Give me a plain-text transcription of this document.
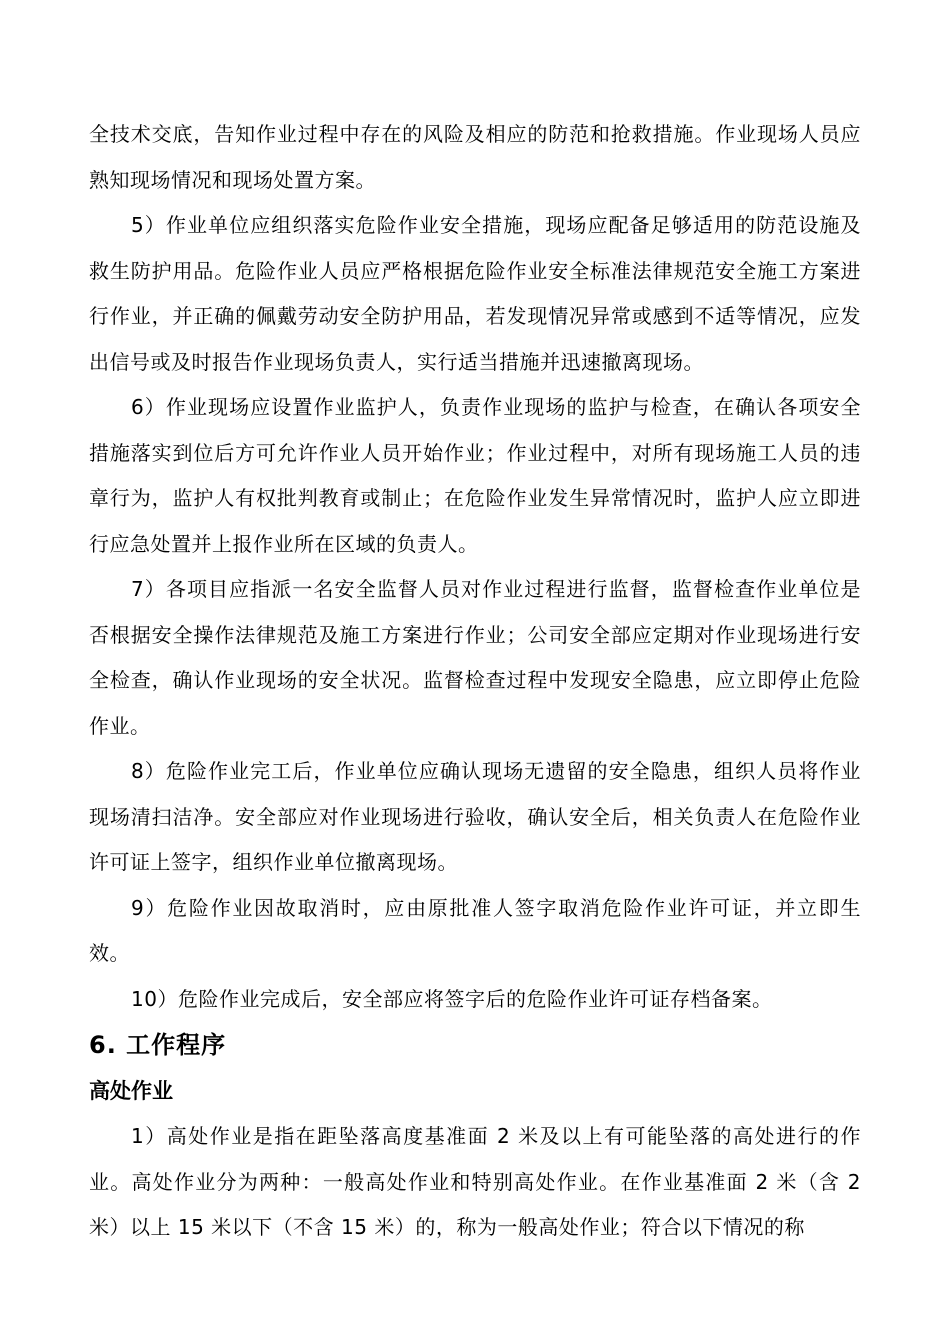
全技术交底，告知作业过程中存在的风险及相应的防范和抢救措施。作业现场人员应熟知现场情况和现场处置方案。

5）作业单位应组织落实危险作业安全措施，现场应配备足够适用的防范设施及救生防护用品。危险作业人员应严格根据危险作业安全标准法律规范安全施工方案进行作业，并正确的佩戴劳动安全防护用品，若发现情况异常或感到不适等情况，应发出信号或及时报告作业现场负责人，实行适当措施并迅速撤离现场。

6）作业现场应设置作业监护人，负责作业现场的监护与检查，在确认各项安全措施落实到位后方可允许作业人员开始作业；作业过程中，对所有现场施工人员的违章行为，监护人有权批判教育或制止；在危险作业发生异常情况时，监护人应立即进行应急处置并上报作业所在区域的负责人。

7）各项目应指派一名安全监督人员对作业过程进行监督，监督检查作业单位是否根据安全操作法律规范及施工方案进行作业；公司安全部应定期对作业现场进行安全检查，确认作业现场的安全状况。监督检查过程中发现安全隐患，应立即停止危险作业。

8）危险作业完工后，作业单位应确认现场无遗留的安全隐患，组织人员将作业现场清扫洁净。安全部应对作业现场进行验收，确认安全后，相关负责人在危险作业许可证上签字，组织作业单位撤离现场。

9）危险作业因故取消时，应由原批准人签字取消危险作业许可证，并立即生效。

10）危险作业完成后，安全部应将签字后的危险作业许可证存档备案。

6. 工作程序
高处作业

1）高处作业是指在距坠落高度基准面 2 米及以上有可能坠落的高处进行的作业。高处作业分为两种：一般高处作业和特别高处作业。在作业基准面 2 米（含 2 米）以上 15 米以下（不含 15 米）的，称为一般高处作业；符合以下情况的称
